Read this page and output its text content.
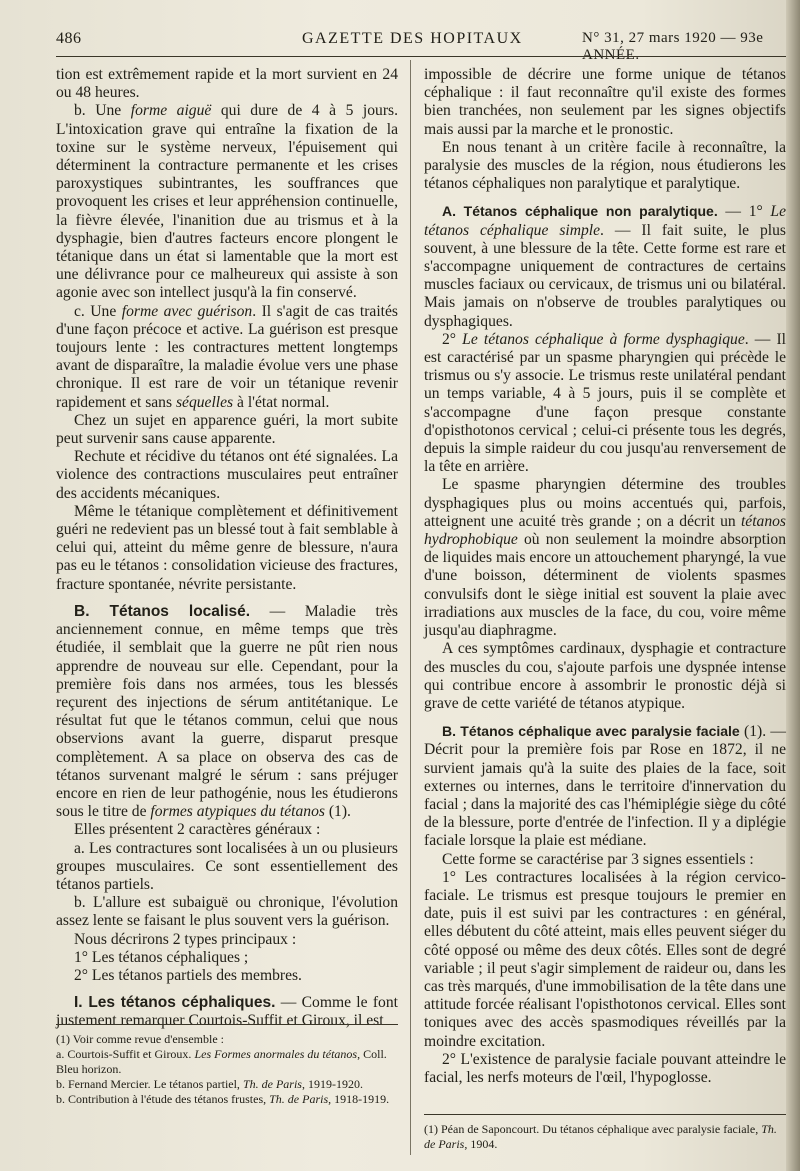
486	GAZETTE DES HOPITAUX	N° 31, 27 mars 1920 — 93e ANNÉE.

tion est extrêmement rapide et la mort survient en 24 ou 48 heures.

b. Une forme aiguë qui dure de 4 à 5 jours. L'intoxication grave qui entraîne la fixation de la toxine sur le système nerveux, l'épuisement qui déterminent la contracture permanente et les crises paroxystiques subintrantes, les souffrances que provoquent les crises et leur appréhension continuelle, la fièvre élevée, l'inanition due au trismus et à la dysphagie, bien d'autres facteurs encore plongent le tétanique dans un état si lamentable que la mort est une délivrance pour ce malheureux qui assiste à son agonie avec son intellect jusqu'à la fin conservé.

c. Une forme avec guérison. Il s'agit de cas traités d'une façon précoce et active. La guérison est presque toujours lente : les contractures mettent longtemps avant de disparaître, la maladie évolue vers une phase chronique. Il est rare de voir un tétanique revenir rapidement et sans séquelles à l'état normal.

Chez un sujet en apparence guéri, la mort subite peut survenir sans cause apparente.

Rechute et récidive du tétanos ont été signalées. La violence des contractions musculaires peut entraîner des accidents mécaniques.

Même le tétanique complètement et définitivement guéri ne redevient pas un blessé tout à fait semblable à celui qui, atteint du même genre de blessure, n'aura pas eu le tétanos : consolidation vicieuse des fractures, fracture spontanée, névrite persistante.

B. Tétanos localisé. — Maladie très anciennement connue, en même temps que très étudiée, il semblait que la guerre ne pût rien nous apprendre de nouveau sur elle. Cependant, pour la première fois dans nos armées, tous les blessés reçurent des injections de sérum antitétanique. Le résultat fut que le tétanos commun, celui que nous observions avant la guerre, disparut presque complètement. A sa place on observa des cas de tétanos survenant malgré le sérum : sans préjuger encore en rien de leur pathogénie, nous les étudierons sous le titre de formes atypiques du tétanos (1).

Elles présentent 2 caractères généraux :

a. Les contractures sont localisées à un ou plusieurs groupes musculaires. Ce sont essentiellement des tétanos partiels.

b. L'allure est subaiguë ou chronique, l'évolution assez lente se faisant le plus souvent vers la guérison.

Nous décrirons 2 types principaux :

1° Les tétanos céphaliques ;

2° Les tétanos partiels des membres.

I. Les tétanos céphaliques. — Comme le font justement remarquer Courtois-Suffit et Giroux, il est

(1) Voir comme revue d'ensemble :

a. Courtois-Suffit et Giroux. Les Formes anormales du tétanos, Coll. Bleu horizon.

b. Fernand Mercier. Le tétanos partiel, Th. de Paris, 1919-1920.

b. Contribution à l'étude des tétanos frustes, Th. de Paris, 1918-1919.

impossible de décrire une forme unique de tétanos céphalique : il faut reconnaître qu'il existe des formes bien tranchées, non seulement par les signes objectifs mais aussi par la marche et le pronostic.

En nous tenant à un critère facile à reconnaître, la paralysie des muscles de la région, nous étudierons les tétanos céphaliques non paralytique et paralytique.

A. Tétanos céphalique non paralytique. — 1° Le tétanos céphalique simple. — Il fait suite, le plus souvent, à une blessure de la tête. Cette forme est rare et s'accompagne uniquement de contractures de certains muscles faciaux ou cervicaux, de trismus uni ou bilatéral. Mais jamais on n'observe de troubles paralytiques ou dysphagiques.

2° Le tétanos céphalique à forme dysphagique. — Il est caractérisé par un spasme pharyngien qui précède le trismus ou s'y associe. Le trismus reste unilatéral pendant un temps variable, 4 à 5 jours, puis il se complète et s'accompagne d'une façon presque constante d'opisthotonos cervical ; celui-ci présente tous les degrés, depuis la simple raideur du cou jusqu'au renversement de la tête en arrière.

Le spasme pharyngien détermine des troubles dysphagiques plus ou moins accentués qui, parfois, atteignent une acuité très grande ; on a décrit un tétanos hydrophobique où non seulement la moindre absorption de liquides mais encore un attouchement pharyngé, la vue d'une boisson, déterminent de violents spasmes convulsifs dont le siège initial est souvent la plaie avec irradiations aux muscles de la face, du cou, voire même jusqu'au diaphragme.

A ces symptômes cardinaux, dysphagie et contracture des muscles du cou, s'ajoute parfois une dyspnée intense qui contribue encore à assombrir le pronostic déjà si grave de cette variété de tétanos atypique.

B. Tétanos céphalique avec paralysie faciale (1). — Décrit pour la première fois par Rose en 1872, il ne survient jamais qu'à la suite des plaies de la face, soit externes ou internes, dans le territoire d'innervation du facial ; dans la majorité des cas l'hémiplégie siège du côté de la blessure, porte d'entrée de l'infection. Il y a diplégie faciale lorsque la plaie est médiane.

Cette forme se caractérise par 3 signes essentiels :

1° Les contractures localisées à la région cervico-faciale. Le trismus est presque toujours le premier en date, puis il est suivi par les contractures : en général, elles débutent du côté atteint, mais elles peuvent siéger du côté opposé ou même des deux côtés. Elles sont de degré variable ; il peut s'agir simplement de raideur ou, dans les cas très marqués, d'une immobilisation de la tête dans une attitude forcée réalisant l'opisthotonos cervical. Elles sont toniques avec des accès spasmodiques réveillés par la moindre excitation.

2° L'existence de paralysie faciale pouvant atteindre le facial, les nerfs moteurs de l'œil, l'hypoglosse.

(1) Péan de Saponcourt. Du tétanos céphalique avec paralysie faciale, Th. de Paris, 1904.
